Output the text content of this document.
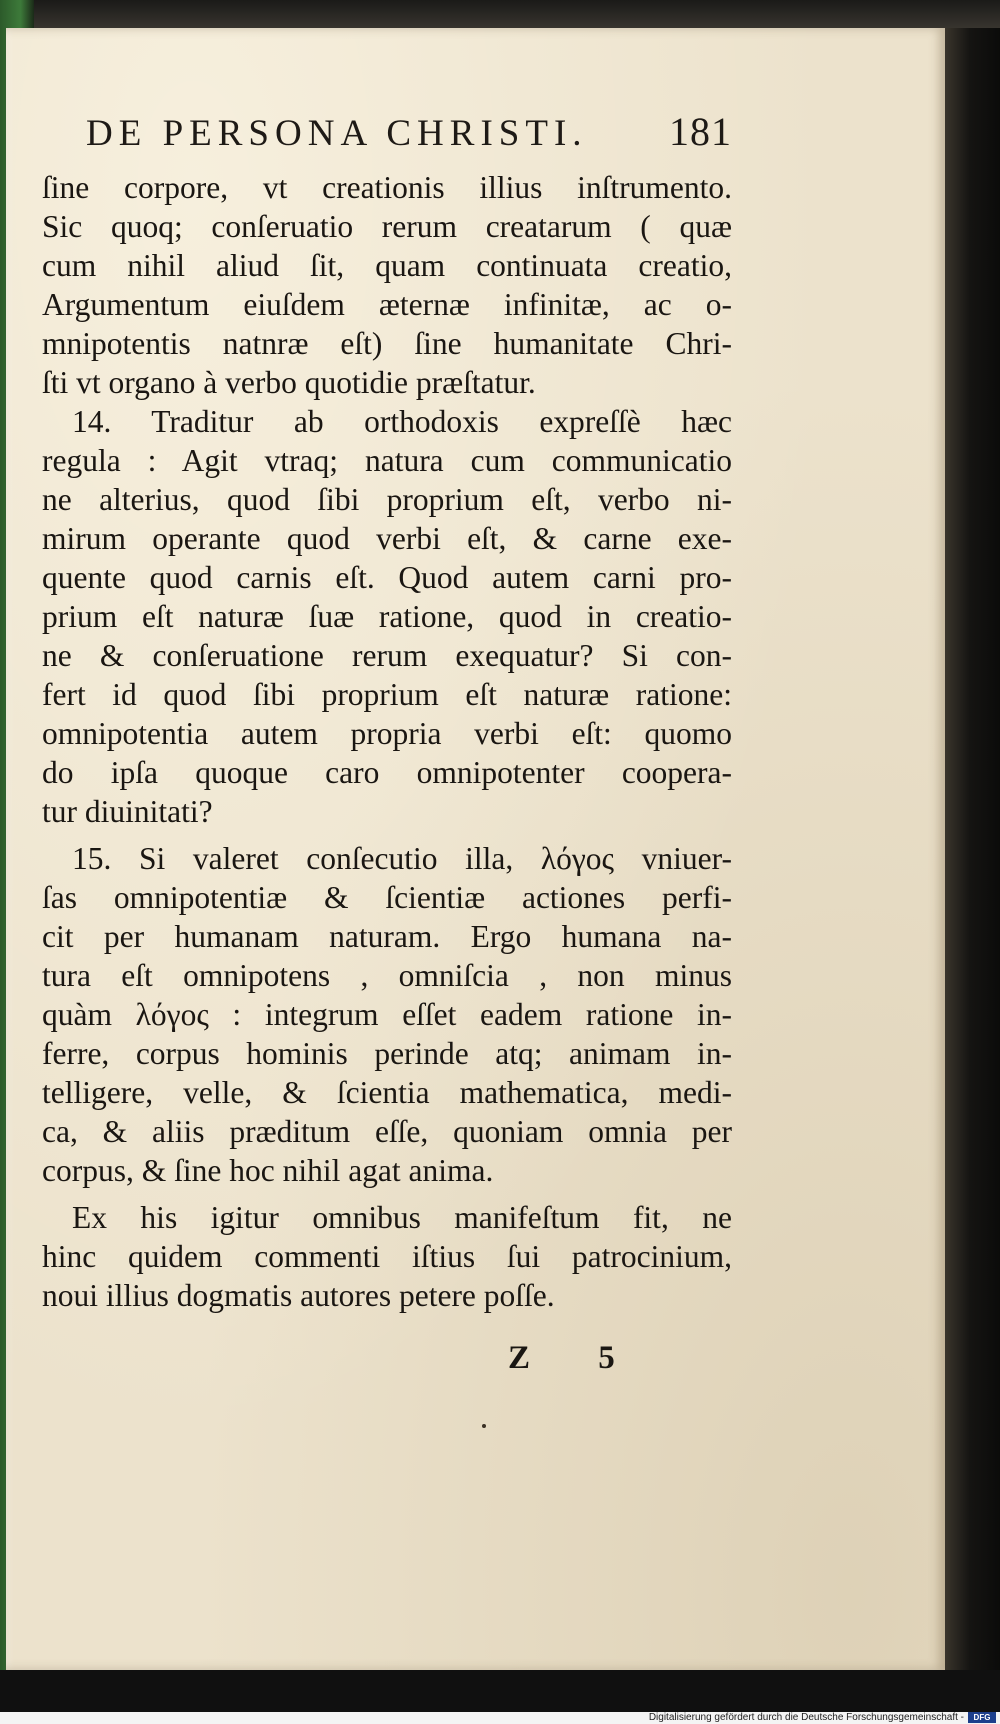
DE PERSONA CHRISTI. 181
ſine corpore, vt creationis illius inſtrumento.
Sic quoq; conſeruatio rerum creatarum ( quæ
cum nihil aliud ſit, quam continuata creatio,
Argumentum eiuſdem æternæ infinitæ, ac o-
mnipotentis natnræ eſt) ſine humanitate Chri-
ſti vt organo à verbo quotidie præſtatur.
14. Traditur ab orthodoxis expreſſè hæc
regula : Agit vtraq; natura cum communicatio
ne alterius, quod ſibi proprium eſt, verbo ni-
mirum operante quod verbi eſt, & carne exe-
quente quod carnis eſt. Quod autem carni pro-
prium eſt naturæ ſuæ ratione, quod in creatio-
ne & conſeruatione rerum exequatur? Si con-
fert id quod ſibi proprium eſt naturæ ratione:
omnipotentia autem propria verbi eſt: quomo
do ipſa quoque caro omnipotenter coopera-
tur diuinitati?
15. Si valeret conſecutio illa, λόγος vniuer-
ſas omnipotentiæ & ſcientiæ actiones perfi-
cit per humanam naturam. Ergo humana na-
tura eſt omnipotens , omniſcia , non minus
quàm λόγος : integrum eſſet eadem ratione in-
ferre, corpus hominis perinde atq; animam in-
telligere, velle, & ſcientia mathematica, medi-
ca, & aliis præditum eſſe, quoniam omnia per
corpus, & ſine hoc nihil agat anima.
Ex his igitur omnibus manifeſtum fit, ne
hinc quidem commenti iſtius ſui patrocinium,
noui illius dogmatis autores petere poſſe.
Z 5
Digitalisierung gefördert durch die Deutsche Forschungsgemeinschaft -	DFG
